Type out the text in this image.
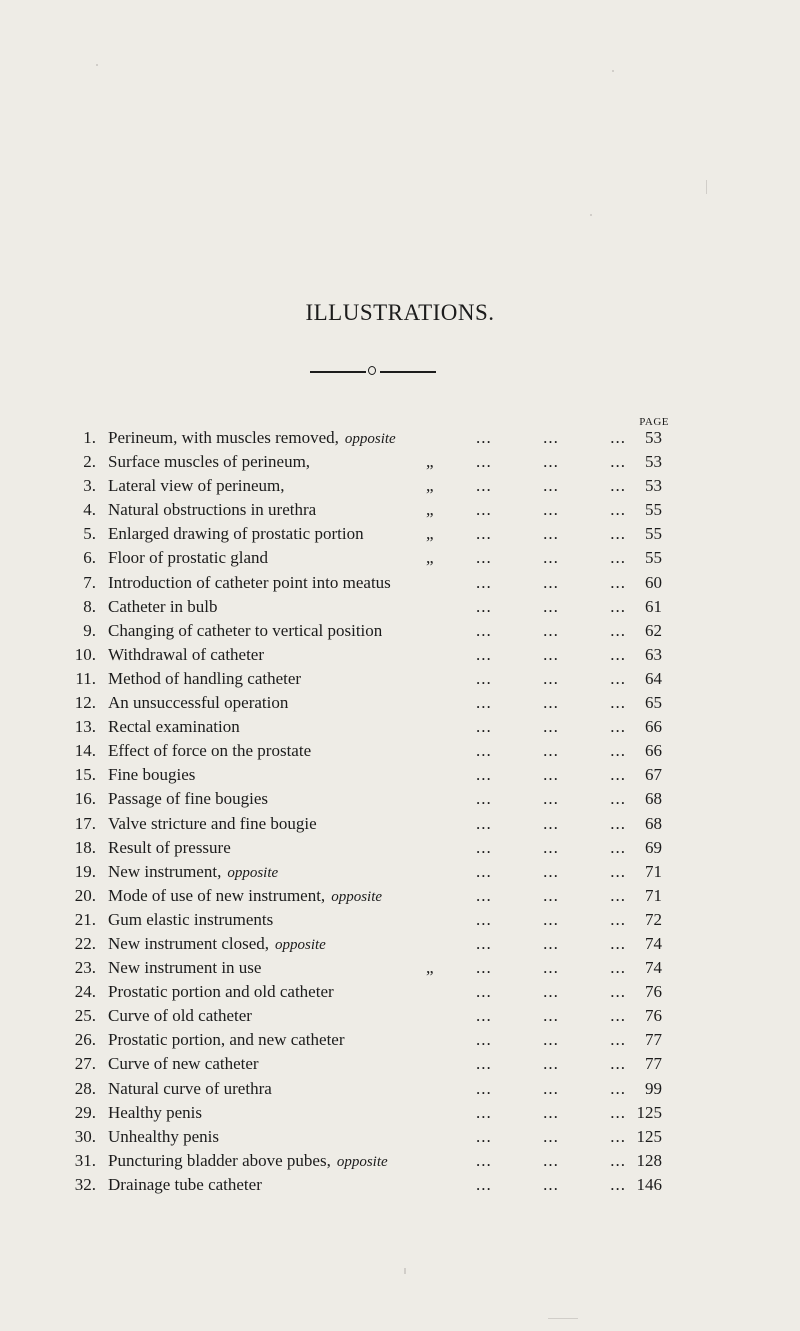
ILLUSTRATIONS.
PAGE
1. Perineum, with muscles removed, opposite	...	...	... 53
2. Surface muscles of perineum,	„ ...	...	... 53
3. Lateral view of perineum,	„ ...	...	... 53
4. Natural obstructions in urethra	„ ...	...	... 55
5. Enlarged drawing of prostatic portion	„ ...	...	... 55
6. Floor of prostatic gland	„ ...	...	... 55
7. Introduction of catheter point into meatus	...	...	... 60
8. Catheter in bulb	...	...	... 61
9. Changing of catheter to vertical position	...	...	... 62
10. Withdrawal of catheter	...	...	... 63
11. Method of handling catheter	...	...	... 64
12. An unsuccessful operation	...	...	... 65
13. Rectal examination	...	...	... 66
14. Effect of force on the prostate	...	...	... 66
15. Fine bougies	...	...	... 67
16. Passage of fine bougies	...	...	... 68
17. Valve stricture and fine bougie	...	...	... 68
18. Result of pressure	...	...	... 69
19. New instrument, opposite	...	...	... 71
20. Mode of use of new instrument, opposite	...	...	... 71
21. Gum elastic instruments	...	...	... 72
22. New instrument closed, opposite	...	...	... 74
23. New instrument in use	„ ...	...	... 74
24. Prostatic portion and old catheter	...	...	... 76
25. Curve of old catheter	...	...	... 76
26. Prostatic portion, and new catheter	...	...	... 77
27. Curve of new catheter	...	...	... 77
28. Natural curve of urethra	...	...	... 99
29. Healthy penis	...	...	... 125
30. Unhealthy penis	...	...	... 125
31. Puncturing bladder above pubes, opposite	...	...	... 128
32. Drainage tube catheter	...	...	... 146
